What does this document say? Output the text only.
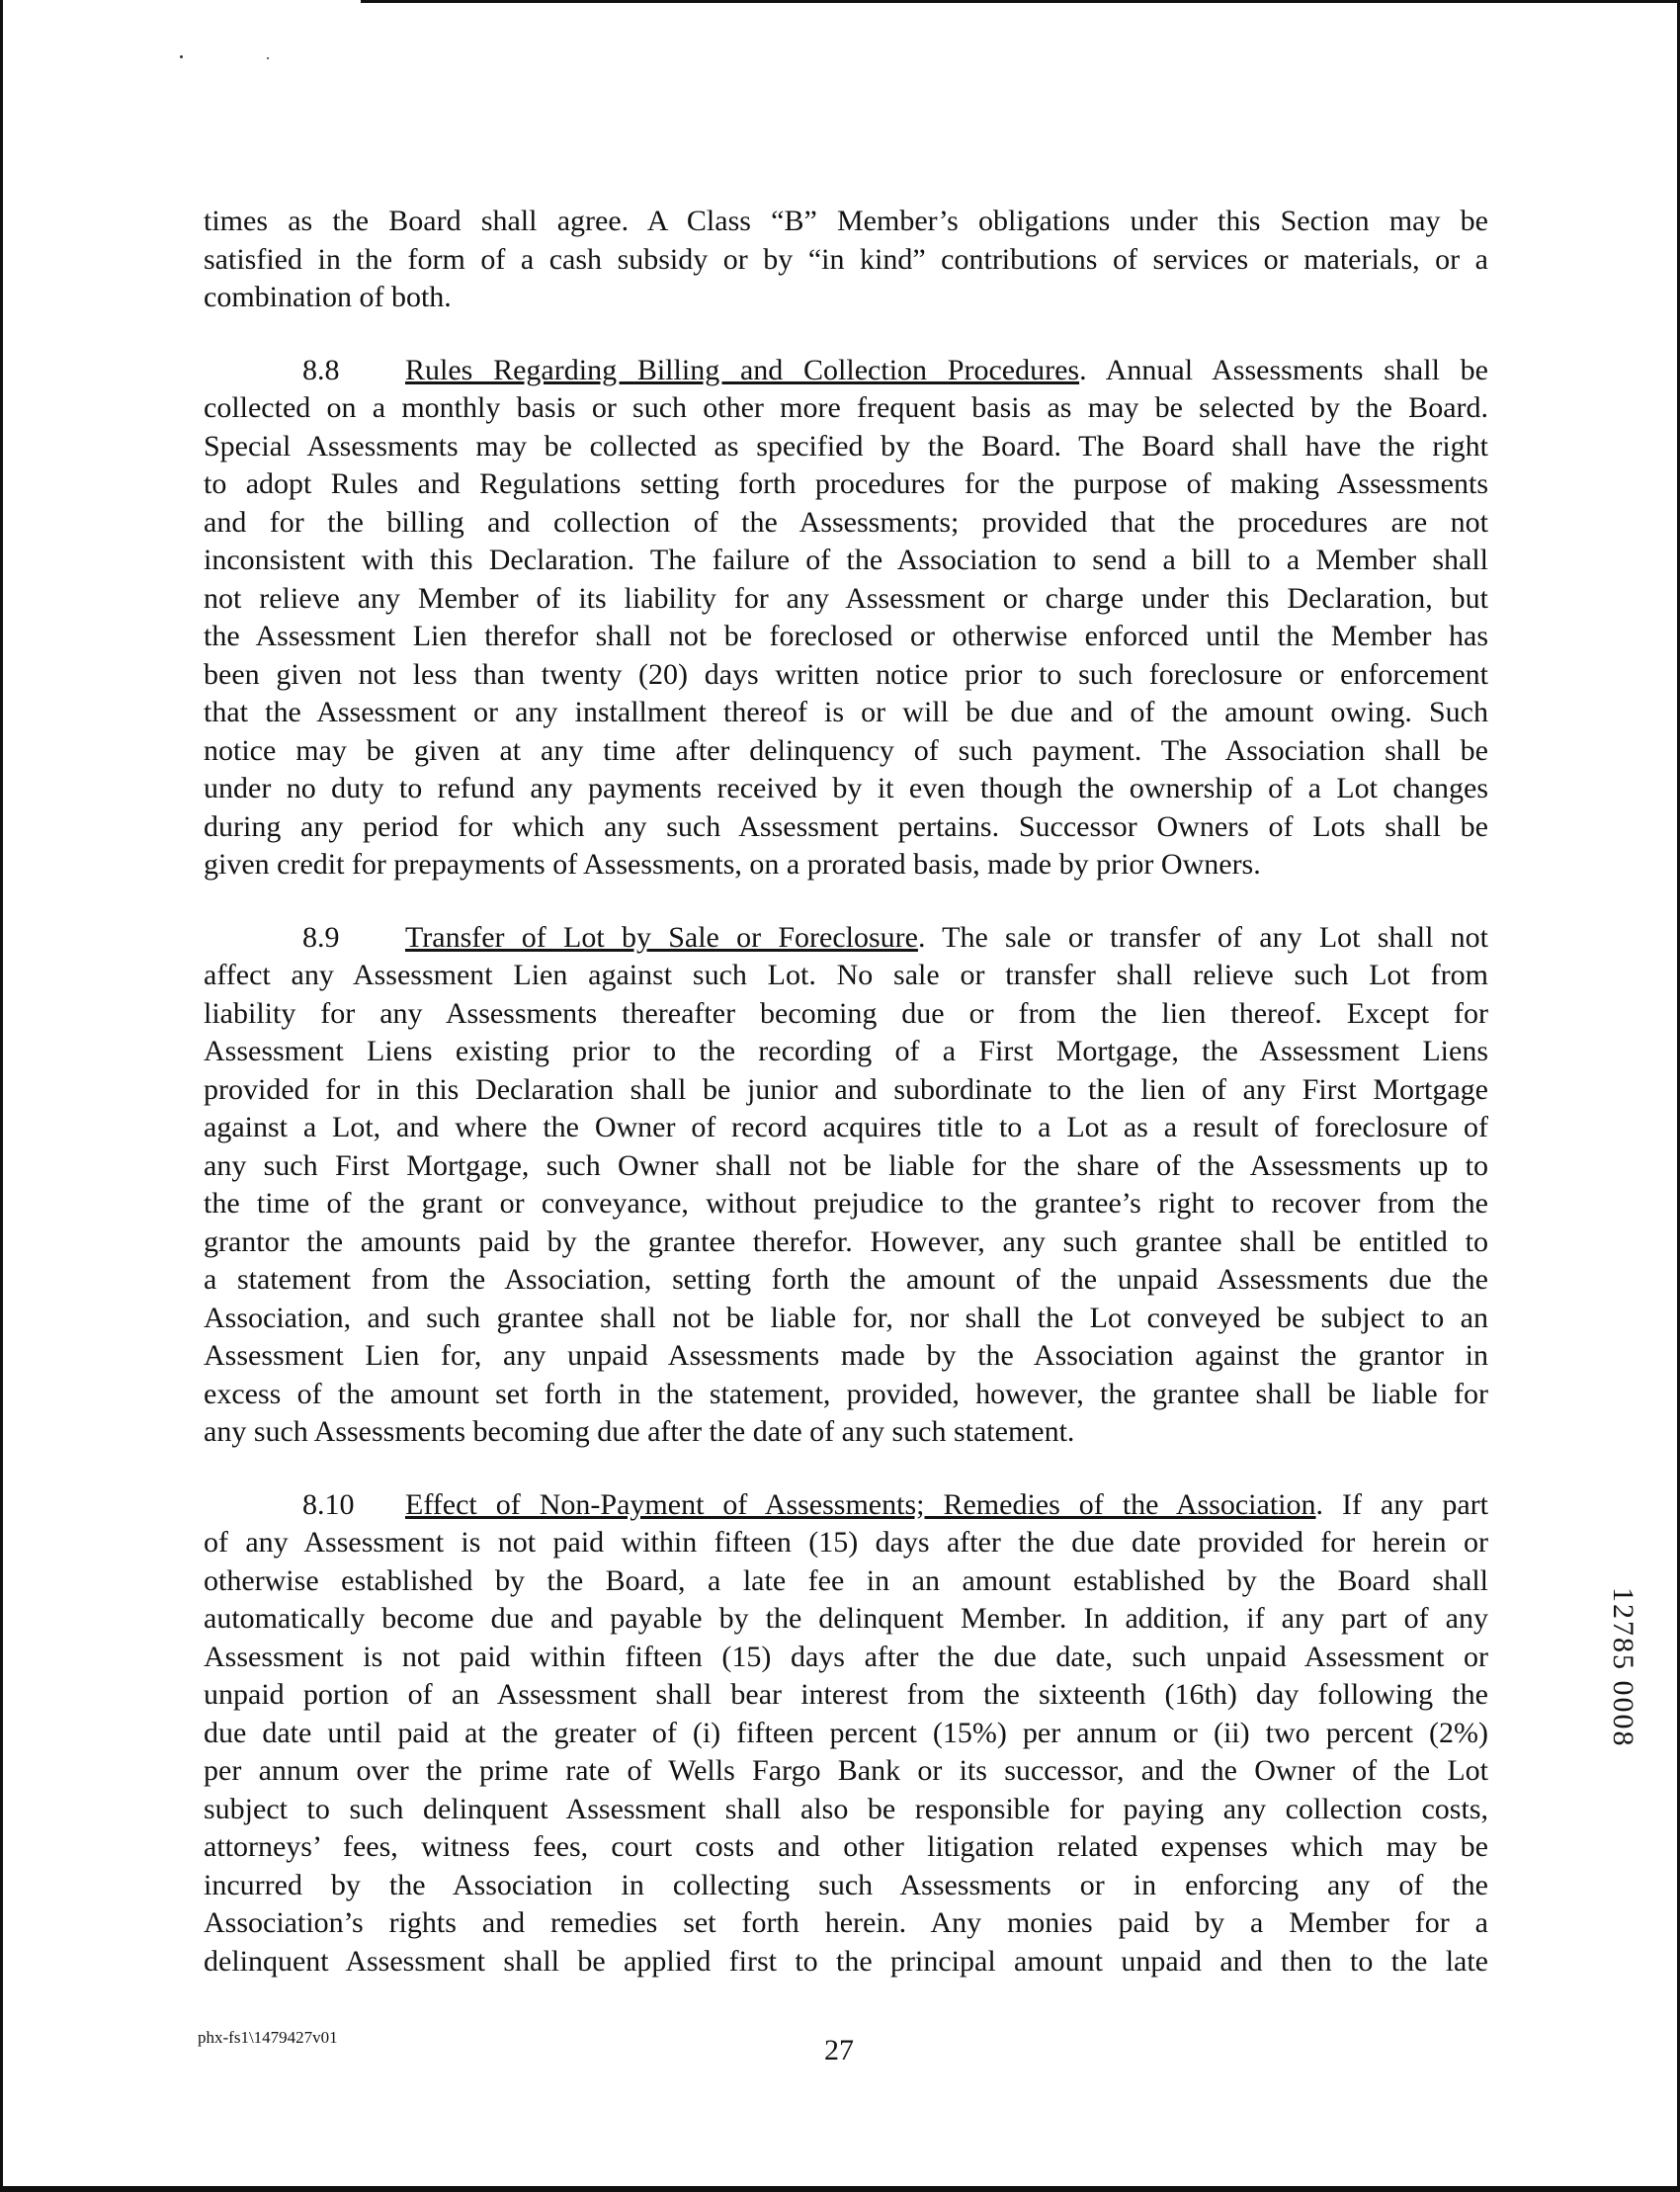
times as the Board shall agree. A Class “B” Member’s obligations under this Section may be
satisfied in the form of a cash subsidy or by “in kind” contributions of services or materials, or a
combination of both.
8.8 Rules Regarding Billing and Collection Procedures. Annual Assessments shall be
collected on a monthly basis or such other more frequent basis as may be selected by the Board.
Special Assessments may be collected as specified by the Board. The Board shall have the right
to adopt Rules and Regulations setting forth procedures for the purpose of making Assessments
and for the billing and collection of the Assessments; provided that the procedures are not
inconsistent with this Declaration. The failure of the Association to send a bill to a Member shall
not relieve any Member of its liability for any Assessment or charge under this Declaration, but
the Assessment Lien therefor shall not be foreclosed or otherwise enforced until the Member has
been given not less than twenty (20) days written notice prior to such foreclosure or enforcement
that the Assessment or any installment thereof is or will be due and of the amount owing. Such
notice may be given at any time after delinquency of such payment. The Association shall be
under no duty to refund any payments received by it even though the ownership of a Lot changes
during any period for which any such Assessment pertains. Successor Owners of Lots shall be
given credit for prepayments of Assessments, on a prorated basis, made by prior Owners.
8.9 Transfer of Lot by Sale or Foreclosure. The sale or transfer of any Lot shall not
affect any Assessment Lien against such Lot. No sale or transfer shall relieve such Lot from
liability for any Assessments thereafter becoming due or from the lien thereof. Except for
Assessment Liens existing prior to the recording of a First Mortgage, the Assessment Liens
provided for in this Declaration shall be junior and subordinate to the lien of any First Mortgage
against a Lot, and where the Owner of record acquires title to a Lot as a result of foreclosure of
any such First Mortgage, such Owner shall not be liable for the share of the Assessments up to
the time of the grant or conveyance, without prejudice to the grantee’s right to recover from the
grantor the amounts paid by the grantee therefor. However, any such grantee shall be entitled to
a statement from the Association, setting forth the amount of the unpaid Assessments due the
Association, and such grantee shall not be liable for, nor shall the Lot conveyed be subject to an
Assessment Lien for, any unpaid Assessments made by the Association against the grantor in
excess of the amount set forth in the statement, provided, however, the grantee shall be liable for
any such Assessments becoming due after the date of any such statement.
8.10 Effect of Non-Payment of Assessments; Remedies of the Association. If any part
of any Assessment is not paid within fifteen (15) days after the due date provided for herein or
otherwise established by the Board, a late fee in an amount established by the Board shall
automatically become due and payable by the delinquent Member. In addition, if any part of any
Assessment is not paid within fifteen (15) days after the due date, such unpaid Assessment or
unpaid portion of an Assessment shall bear interest from the sixteenth (16th) day following the
due date until paid at the greater of (i) fifteen percent (15%) per annum or (ii) two percent (2%)
per annum over the prime rate of Wells Fargo Bank or its successor, and the Owner of the Lot
subject to such delinquent Assessment shall also be responsible for paying any collection costs,
attorneys’ fees, witness fees, court costs and other litigation related expenses which may be
incurred by the Association in collecting such Assessments or in enforcing any of the
Association’s rights and remedies set forth herein. Any monies paid by a Member for a
delinquent Assessment shall be applied first to the principal amount unpaid and then to the late
phx-fs1\1479427v01	27
12785 0008
